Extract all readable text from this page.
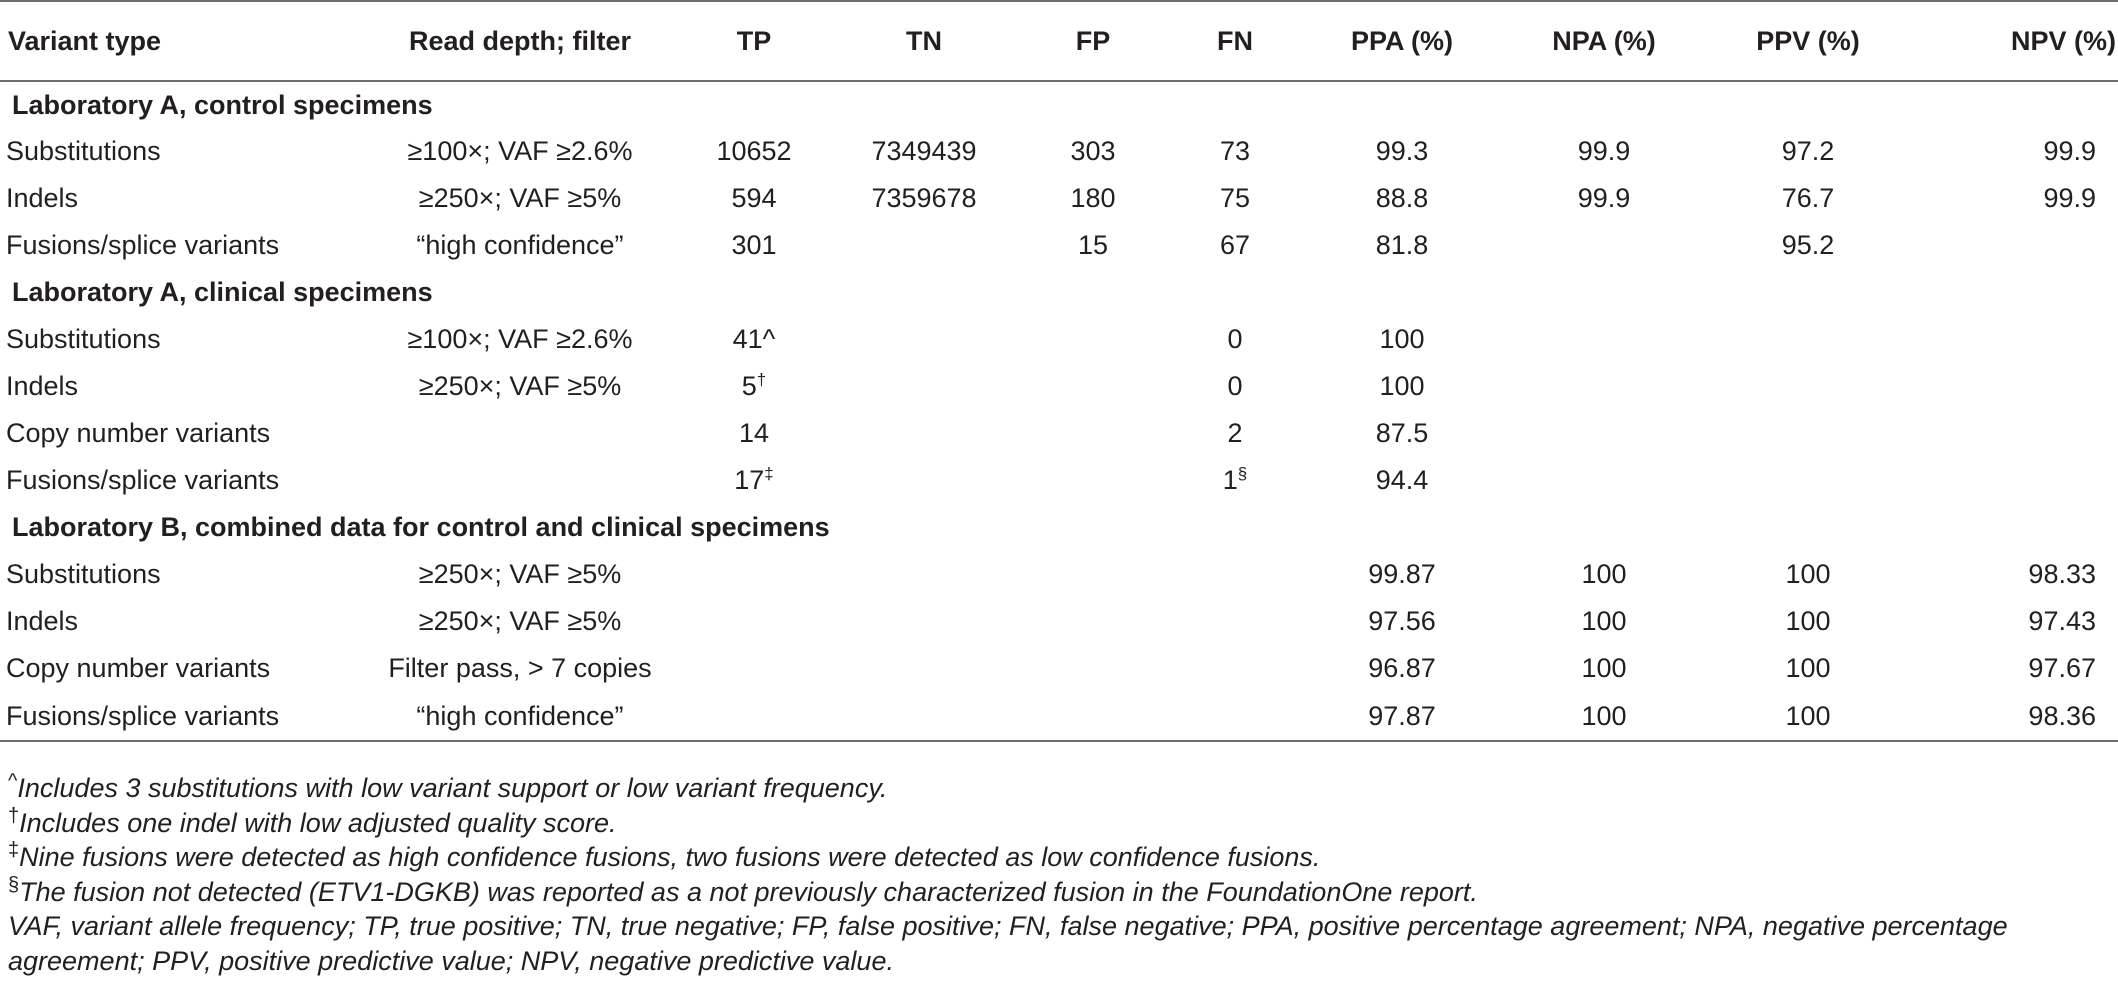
Variant type	Read depth; filter	TP	TN	FP	FN	PPA (%)	NPA (%)	PPV (%)	NPV (%)
Laboratory A, control specimens									
Substitutions	≥100×; VAF ≥2.6%	10652	7349439	303	73	99.3	99.9	97.2	99.9
Indels	≥250×; VAF ≥5%	594	7359678	180	75	88.8	99.9	76.7	99.9
Fusions/splice variants	“high confidence”	301		15	67	81.8		95.2	
Laboratory A, clinical specimens									
Substitutions	≥100×; VAF ≥2.6%	41^			0	100			
Indels	≥250×; VAF ≥5%	5†			0	100			
Copy number variants		14			2	87.5			
Fusions/splice variants		17‡			1§	94.4			
Laboratory B, combined data for control and clinical specimens									
Substitutions	≥250×; VAF ≥5%					99.87	100	100	98.33
Indels	≥250×; VAF ≥5%					97.56	100	100	97.43
Copy number variants	Filter pass, > 7 copies					96.87	100	100	97.67
Fusions/splice variants	“high confidence”					97.87	100	100	98.36
^Includes 3 substitutions with low variant support or low variant frequency.
†Includes one indel with low adjusted quality score.
‡Nine fusions were detected as high confidence fusions, two fusions were detected as low confidence fusions.
§The fusion not detected (ETV1-DGKB) was reported as a not previously characterized fusion in the FoundationOne report.
VAF, variant allele frequency; TP, true positive; TN, true negative; FP, false positive; FN, false negative; PPA, positive percentage agreement; NPA, negative percentage agreement; PPV, positive predictive value; NPV, negative predictive value.
